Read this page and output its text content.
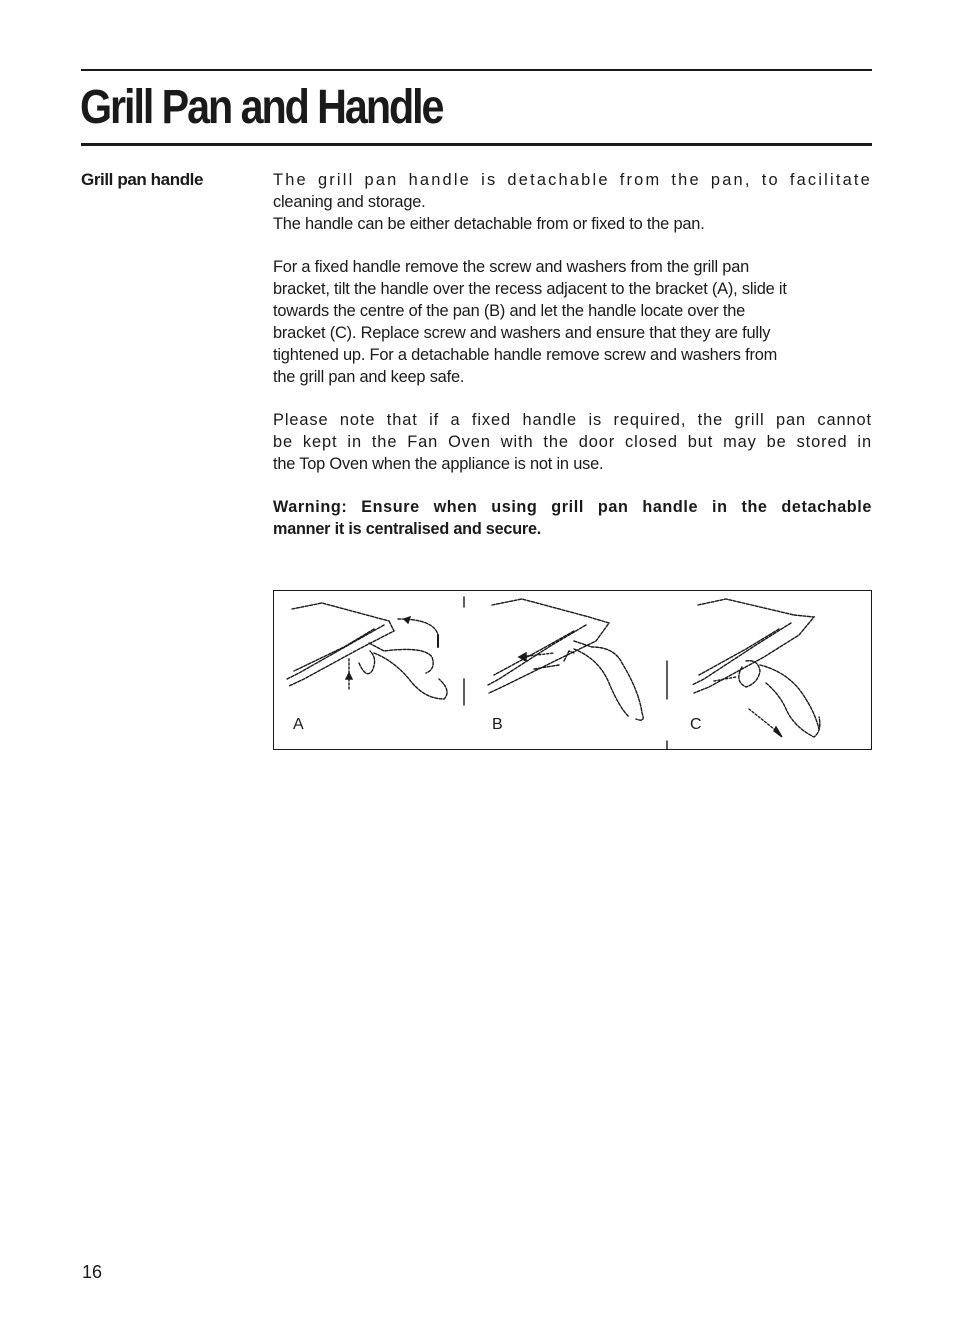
Grill Pan and Handle
Grill pan handle	The grill pan handle is detachable from the pan, to facilitate

cleaning and storage.

The handle can be either detachable from or fixed to the pan.

For a fixed handle remove the screw and washers from the grill pan

bracket, tilt the handle over the recess adjacent to the bracket (A), slide it

towards the centre of the pan (B) and let the handle locate over the

bracket (C). Replace screw and washers and ensure that they are fully

tightened up. For a detachable handle remove screw and washers from

the grill pan and keep safe.

Please note that if a fixed handle is required, the grill pan cannot

be kept in the Fan Oven with the door closed but may be stored in

the Top Oven when the appliance is not in use.

Warning: Ensure when using grill pan handle in the detachable

manner it is centralised and secure.

A	B	C
16
